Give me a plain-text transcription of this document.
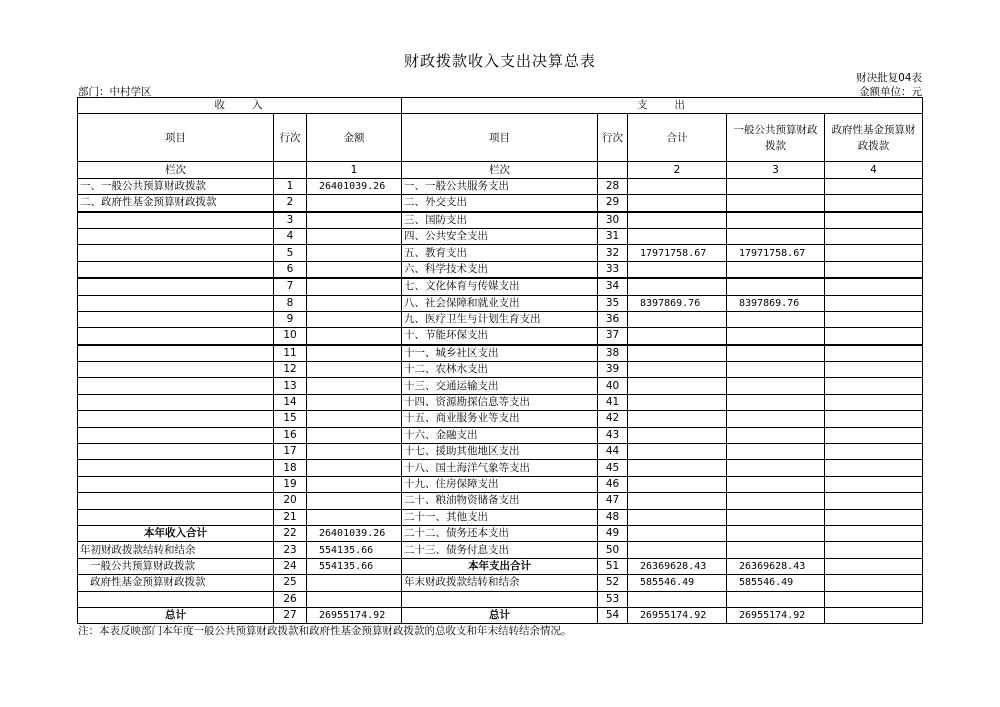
财政拨款收入支出决算总表
财决批复04表
部门：中村学区	金额单位：元
收　　入			支　　出				
项目	行次	金额	项目	行次	合计	一般公共预算财政拨款	政府性基金预算财政拨款
栏次		1	栏次		2	3	4
一、一般公共预算财政拨款	1	26401039.26	一、一般公共服务支出	28			
二、政府性基金预算财政拨款	2		二、外交支出	29			
	3		三、国防支出	30			
	4		四、公共安全支出	31			
	5		五、教育支出	32	17971758.67	17971758.67	
	6		六、科学技术支出	33			
	7		七、文化体育与传媒支出	34			
	8		八、社会保障和就业支出	35	8397869.76	8397869.76	
	9		九、医疗卫生与计划生育支出	36			
	10		十、节能环保支出	37			
	11		十一、城乡社区支出	38			
	12		十二、农林水支出	39			
	13		十三、交通运输支出	40			
	14		十四、资源勘探信息等支出	41			
	15		十五、商业服务业等支出	42			
	16		十六、金融支出	43			
	17		十七、援助其他地区支出	44			
	18		十八、国土海洋气象等支出	45			
	19		十九、住房保障支出	46			
	20		二十、粮油物资储备支出	47			
	21		二十一、其他支出	48			
本年收入合计	22	26401039.26	二十二、债务还本支出	49			
年初财政拨款结转和结余	23	554135.66	二十三、债务付息支出	50			
一般公共预算财政拨款	24	554135.66	本年支出合计	51	26369628.43	26369628.43	
政府性基金预算财政拨款	25		年末财政拨款结转和结余	52	585546.49	585546.49	
	26			53			
总计	27	26955174.92	总计	54	26955174.92	26955174.92	
注：本表反映部门本年度一般公共预算财政拨款和政府性基金预算财政拨款的总收支和年末结转结余情况。
